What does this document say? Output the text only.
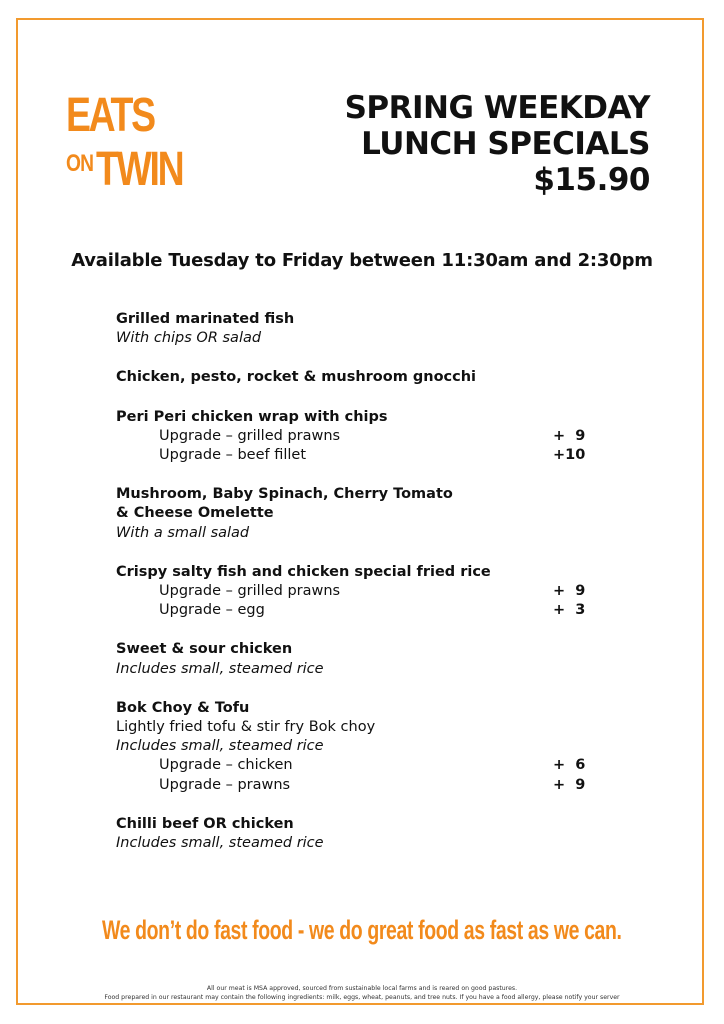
EATS
ON TWIN
SPRING WEEKDAY
LUNCH SPECIALS
$15.90
Available Tuesday to Friday between 11:30am and 2:30pm
Grilled marinated fish
With chips OR salad
Chicken, pesto, rocket & mushroom gnocchi
Peri Peri chicken wrap with chips
Upgrade – grilled prawns	+  9
Upgrade – beef fillet	+10
Mushroom, Baby Spinach, Cherry Tomato
& Cheese Omelette
With a small salad
Crispy salty fish and chicken special fried rice
Upgrade – grilled prawns	+  9
Upgrade – egg	+  3
Sweet & sour chicken
Includes small, steamed rice
Bok Choy & Tofu
Lightly fried tofu & stir fry Bok choy
Includes small, steamed rice
Upgrade – chicken	+  6
Upgrade – prawns	+  9
Chilli beef OR chicken
Includes small, steamed rice
We don’t do fast food - we do great food as fast as we can.
All our meat is MSA approved, sourced from sustainable local farms and is reared on good pastures.
Food prepared in our restaurant may contain the following ingredients: milk, eggs, wheat, peanuts, and tree nuts. If you have a food allergy, please notify your server
